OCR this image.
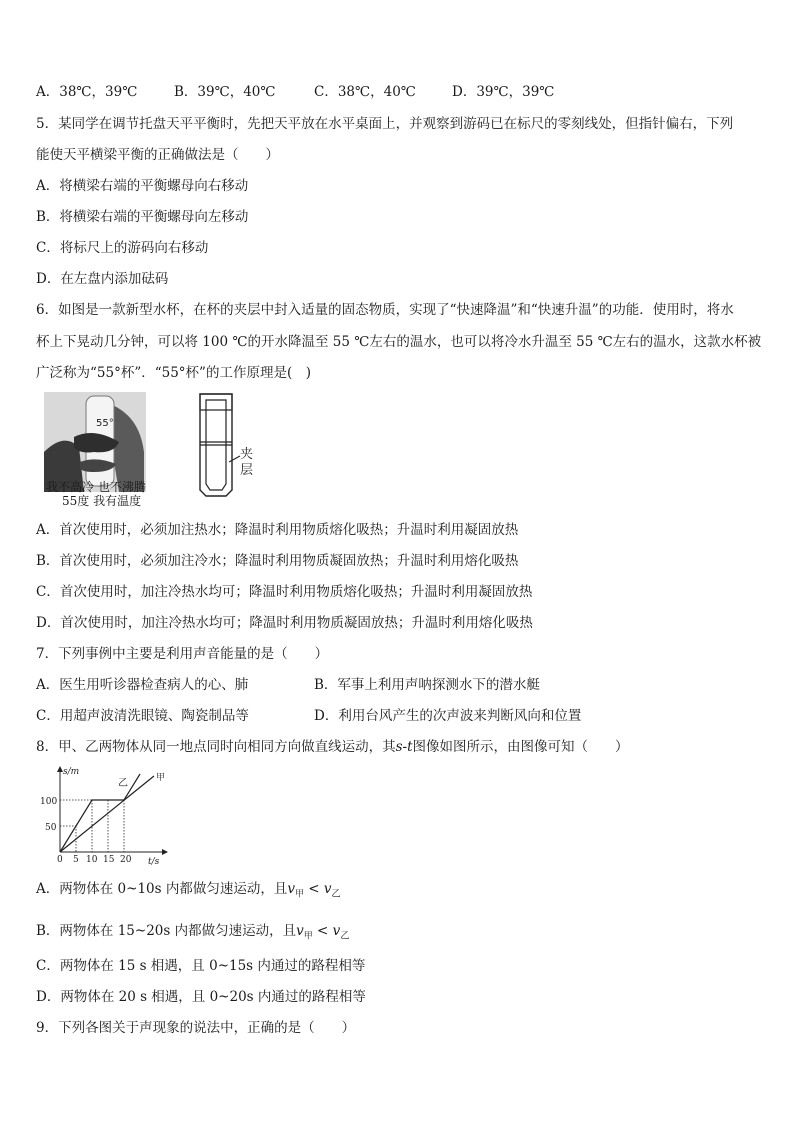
A．38℃，39℃	B．39℃，40℃	C．38℃，40℃	D．39℃，39℃
5．某同学在调节托盘天平平衡时，先把天平放在水平桌面上，并观察到游码已在标尺的零刻线处，但指针偏右，下列
能使天平横梁平衡的正确做法是（　　）
A．将横梁右端的平衡螺母向右移动
B．将横梁右端的平衡螺母向左移动
C．将标尺上的游码向右移动
D．在左盘内添加砝码
6．如图是一款新型水杯，在杯的夹层中封入适量的固态物质，实现了“快速降温”和“快速升温”的功能．使用时，将水
杯上下晃动几分钟，可以将 100 ℃的开水降温至 55 ℃左右的温水，也可以将冷水升温至 55 ℃左右的温水，这款水杯被
广泛称为“55°杯”．“55°杯”的工作原理是(　)
55°
我不高冷 也不沸腾
55度 我有温度
夹
层
A．首次使用时，必须加注热水；降温时利用物质熔化吸热；升温时利用凝固放热
B．首次使用时，必须加注冷水；降温时利用物质凝固放热；升温时利用熔化吸热
C．首次使用时，加注冷热水均可；降温时利用物质熔化吸热；升温时利用凝固放热
D．首次使用时，加注冷热水均可；降温时利用物质凝固放热；升温时利用熔化吸热
7．下列事例中主要是利用声音能量的是（　　）
A．医生用听诊器检查病人的心、肺	B．军事上利用声呐探测水下的潜水艇
C．用超声波清洗眼镜、陶瓷制品等	D．利用台风产生的次声波来判断风向和位置
8．甲、乙两物体从同一地点同时向相同方向做直线运动，其s-t图像如图所示，由图像可知（　　）
s/m
t/s
100
50
0 5 10 15 20
乙	甲
A．两物体在 0~10s 内都做匀速运动，且$v_甲 < v_乙$
B．两物体在 15~20s 内都做匀速运动，且$v_甲 < v_乙$
C．两物体在 15 s 相遇，且 0~15s 内通过的路程相等
D．两物体在 20 s 相遇，且 0~20s 内通过的路程相等
9．下列各图关于声现象的说法中，正确的是（　　）
